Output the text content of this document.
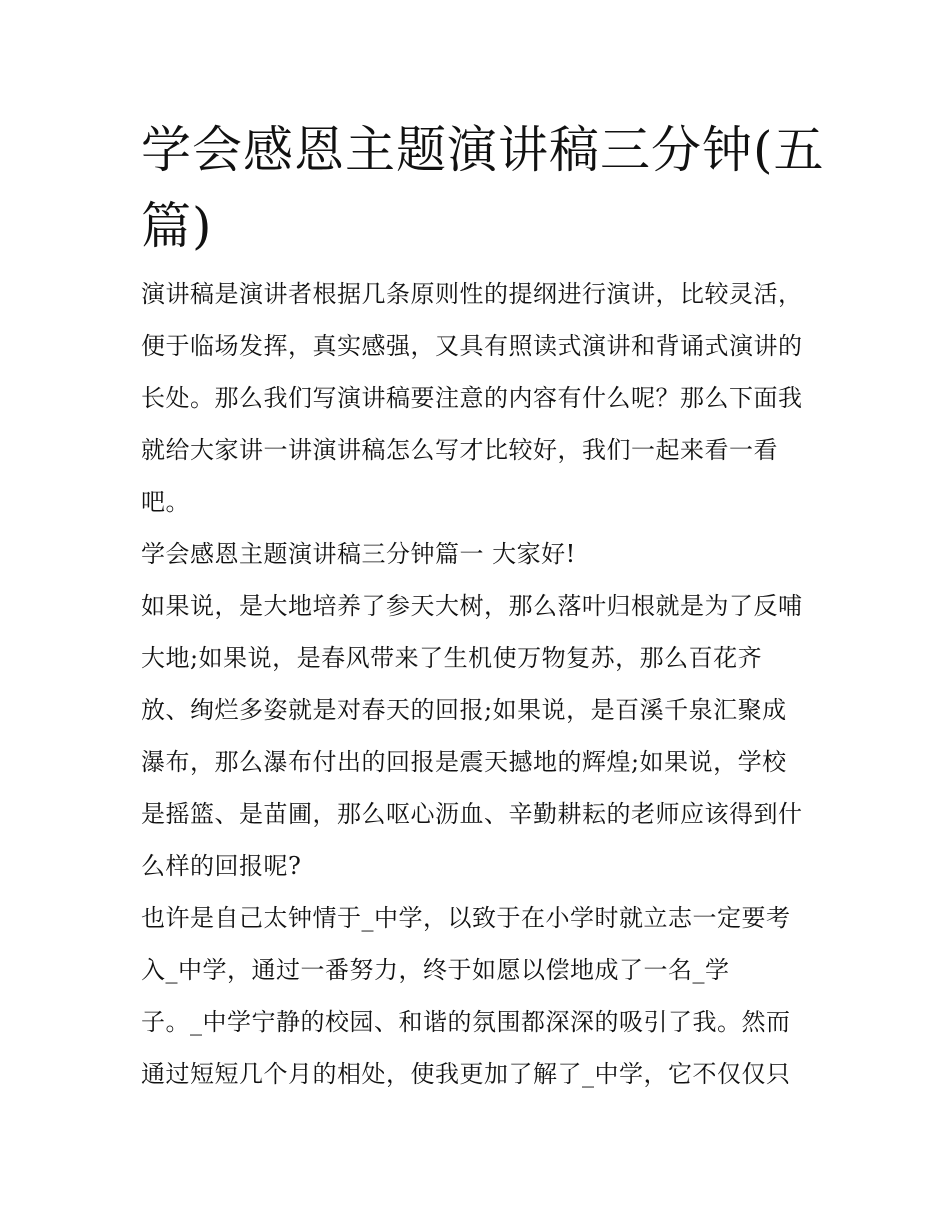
学会感恩主题演讲稿三分钟(五
篇)

演讲稿是演讲者根据几条原则性的提纲进行演讲，比较灵活，
便于临场发挥，真实感强，又具有照读式演讲和背诵式演讲的
长处。那么我们写演讲稿要注意的内容有什么呢？那么下面我
就给大家讲一讲演讲稿怎么写才比较好，我们一起来看一看
吧。

学会感恩主题演讲稿三分钟篇一 大家好!

如果说，是大地培养了参天大树，那么落叶归根就是为了反哺
大地;如果说，是春风带来了生机使万物复苏，那么百花齐
放、绚烂多姿就是对春天的回报;如果说，是百溪千泉汇聚成
瀑布，那么瀑布付出的回报是震天撼地的辉煌;如果说，学校
是摇篮、是苗圃，那么呕心沥血、辛勤耕耘的老师应该得到什
么样的回报呢?

也许是自己太钟情于_中学，以致于在小学时就立志一定要考
入_中学，通过一番努力，终于如愿以偿地成了一名_学
子。_中学宁静的校园、和谐的氛围都深深的吸引了我。然而
通过短短几个月的相处，使我更加了解了_中学，它不仅仅只
